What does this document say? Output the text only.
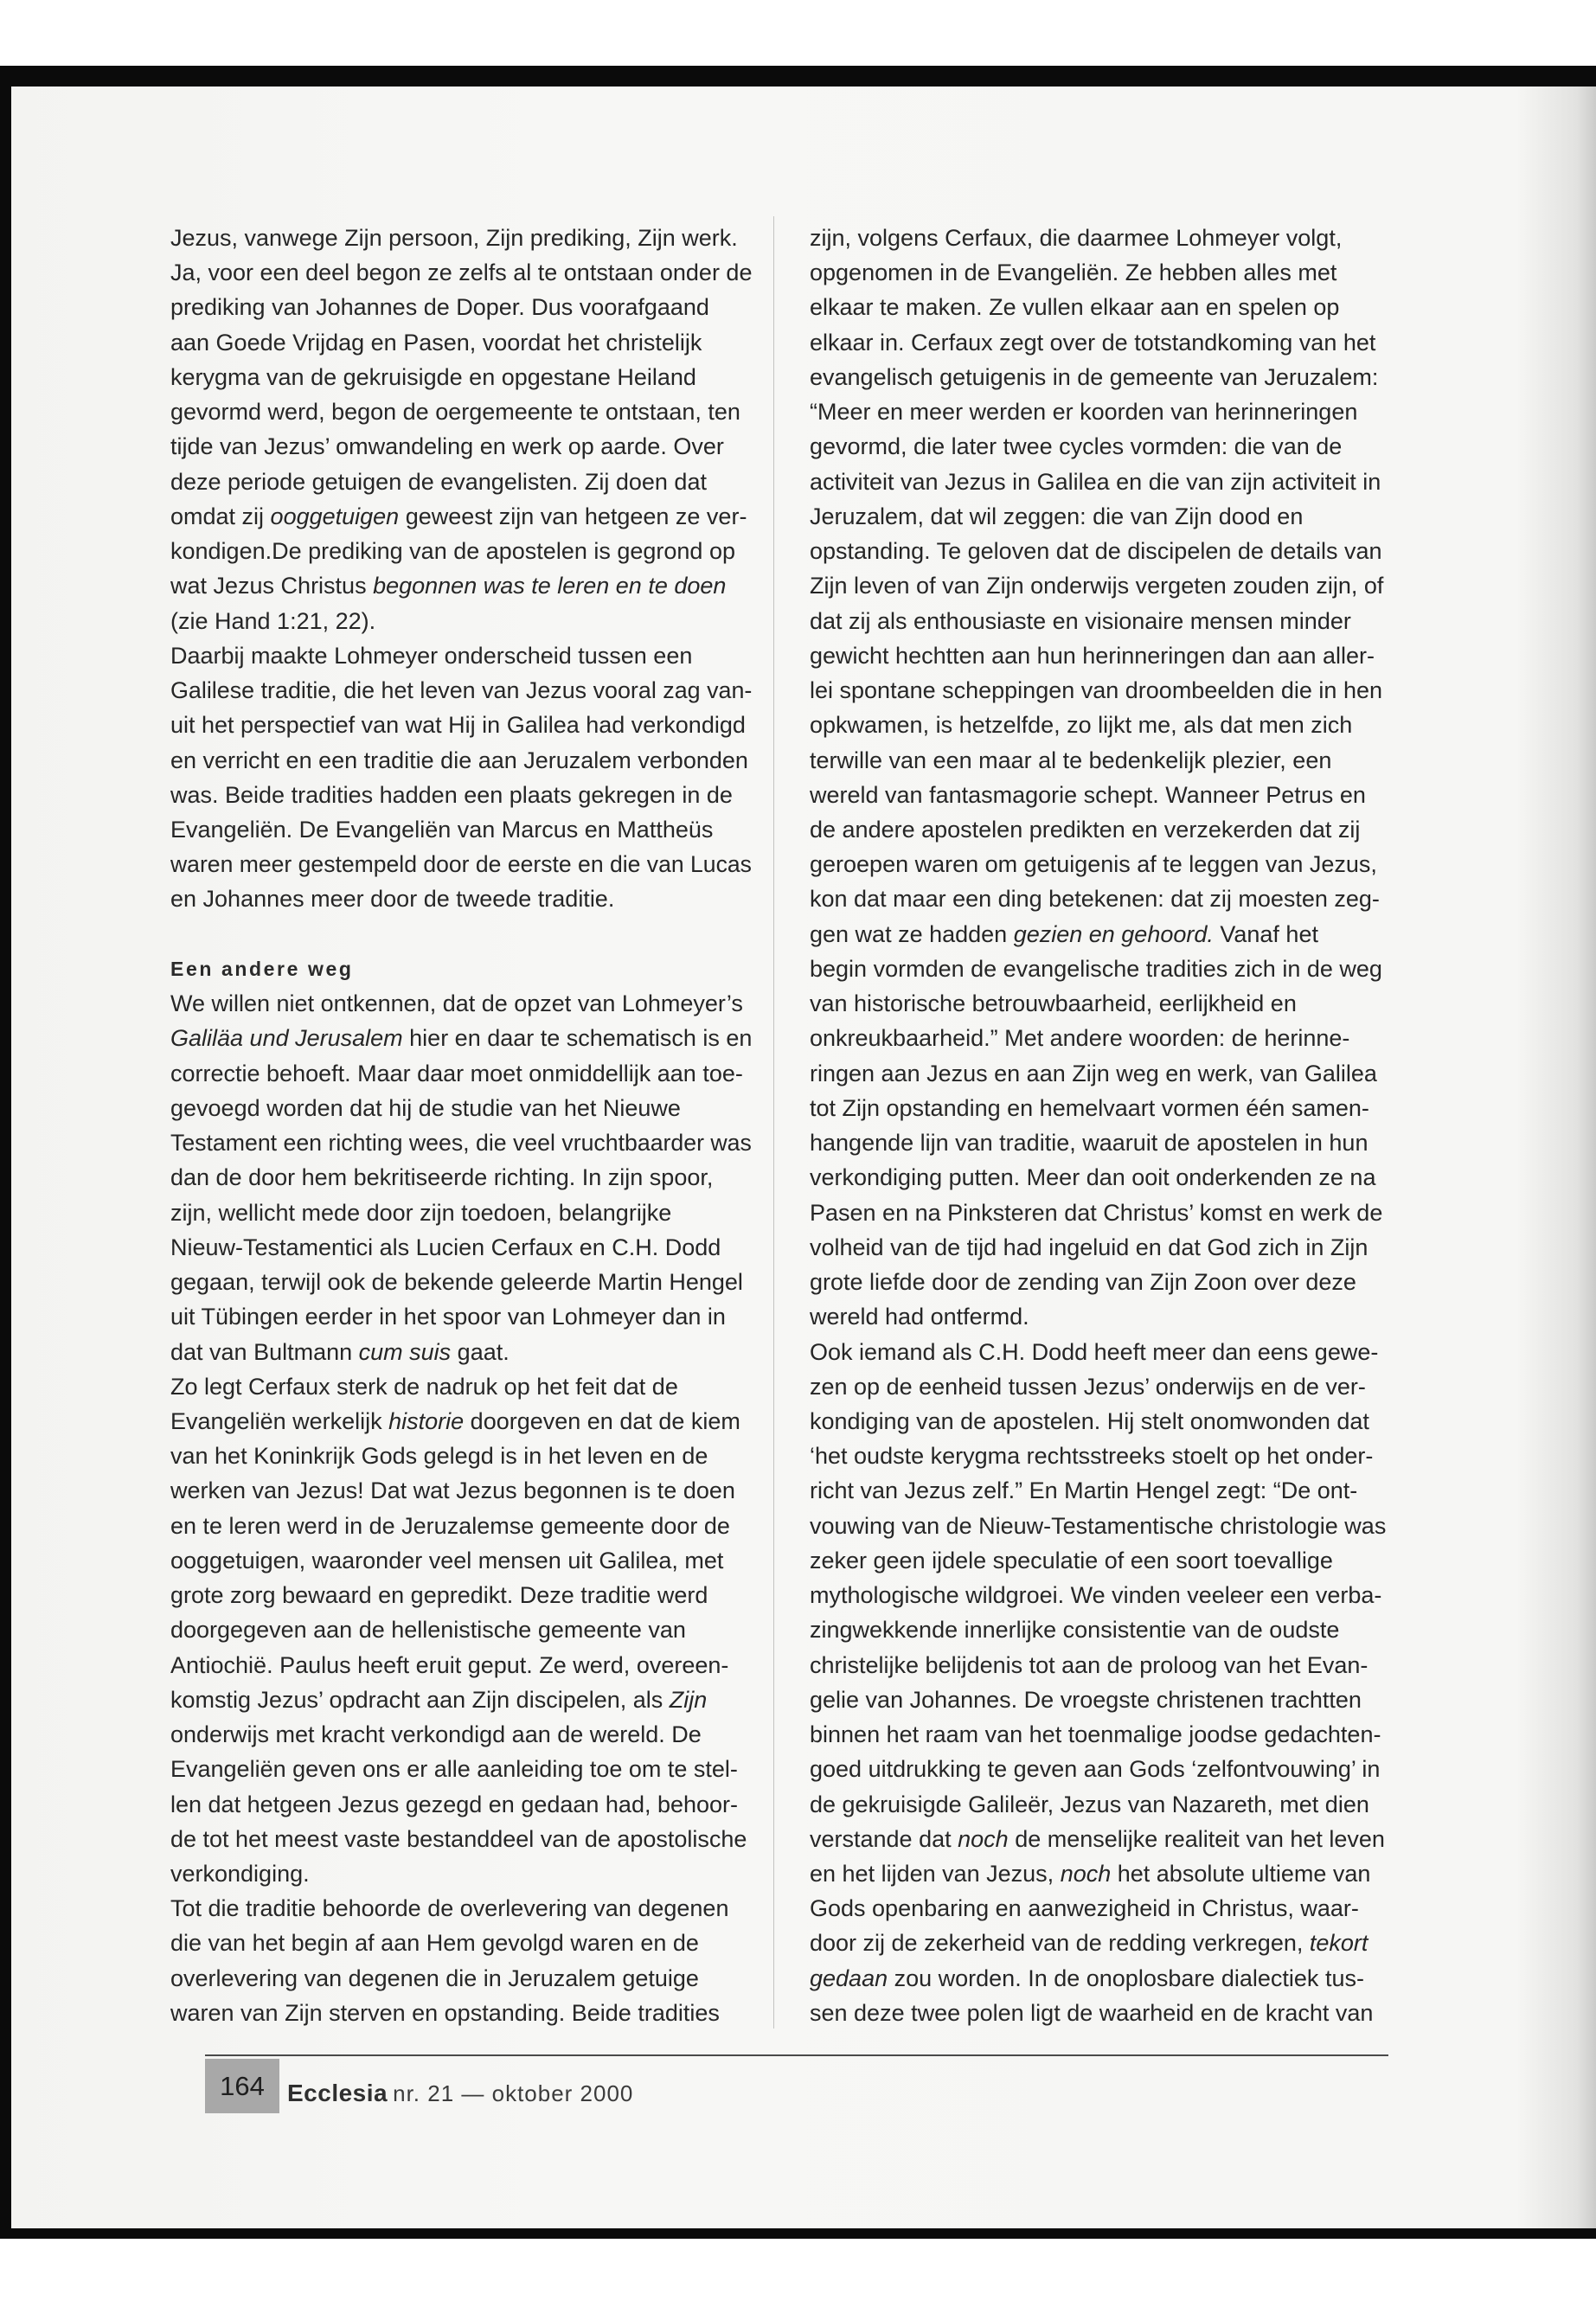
Jezus, vanwege Zijn persoon, Zijn prediking, Zijn werk.
Ja, voor een deel begon ze zelfs al te ontstaan onder de
prediking van Johannes de Doper. Dus voorafgaand
aan Goede Vrijdag en Pasen, voordat het christelijk
kerygma van de gekruisigde en opgestane Heiland
gevormd werd, begon de oergemeente te ontstaan, ten
tijde van Jezus’ omwandeling en werk op aarde. Over
deze periode getuigen de evangelisten. Zij doen dat
omdat zij ooggetuigen geweest zijn van hetgeen ze ver-
kondigen.De prediking van de apostelen is gegrond op
wat Jezus Christus begonnen was te leren en te doen
(zie Hand 1:21, 22).
Daarbij maakte Lohmeyer onderscheid tussen een
Galilese traditie, die het leven van Jezus vooral zag van-
uit het perspectief van wat Hij in Galilea had verkondigd
en verricht en een traditie die aan Jeruzalem verbonden
was. Beide tradities hadden een plaats gekregen in de
Evangeliën. De Evangeliën van Marcus en Mattheüs
waren meer gestempeld door de eerste en die van Lucas
en Johannes meer door de tweede traditie.
Een andere weg
We willen niet ontkennen, dat de opzet van Lohmeyer’s
Galiläa und Jerusalem hier en daar te schematisch is en
correctie behoeft. Maar daar moet onmiddellijk aan toe-
gevoegd worden dat hij de studie van het Nieuwe
Testament een richting wees, die veel vruchtbaarder was
dan de door hem bekritiseerde richting. In zijn spoor,
zijn, wellicht mede door zijn toedoen, belangrijke
Nieuw-Testamentici als Lucien Cerfaux en C.H. Dodd
gegaan, terwijl ook de bekende geleerde Martin Hengel
uit Tübingen eerder in het spoor van Lohmeyer dan in
dat van Bultmann cum suis gaat.
Zo legt Cerfaux sterk de nadruk op het feit dat de
Evangeliën werkelijk historie doorgeven en dat de kiem
van het Koninkrijk Gods gelegd is in het leven en de
werken van Jezus! Dat wat Jezus begonnen is te doen
en te leren werd in de Jeruzalemse gemeente door de
ooggetuigen, waaronder veel mensen uit Galilea, met
grote zorg bewaard en gepredikt. Deze traditie werd
doorgegeven aan de hellenistische gemeente van
Antiochië. Paulus heeft eruit geput. Ze werd, overeen-
komstig Jezus’ opdracht aan Zijn discipelen, als Zijn
onderwijs met kracht verkondigd aan de wereld. De
Evangeliën geven ons er alle aanleiding toe om te stel-
len dat hetgeen Jezus gezegd en gedaan had, behoor-
de tot het meest vaste bestanddeel van de apostolische
verkondiging.
Tot die traditie behoorde de overlevering van degenen
die van het begin af aan Hem gevolgd waren en de
overlevering van degenen die in Jeruzalem getuige
waren van Zijn sterven en opstanding. Beide tradities
zijn, volgens Cerfaux, die daarmee Lohmeyer volgt,
opgenomen in de Evangeliën. Ze hebben alles met
elkaar te maken. Ze vullen elkaar aan en spelen op
elkaar in. Cerfaux zegt over de totstandkoming van het
evangelisch getuigenis in de gemeente van Jeruzalem:
“Meer en meer werden er koorden van herinneringen
gevormd, die later twee cycles vormden: die van de
activiteit van Jezus in Galilea en die van zijn activiteit in
Jeruzalem, dat wil zeggen: die van Zijn dood en
opstanding. Te geloven dat de discipelen de details van
Zijn leven of van Zijn onderwijs vergeten zouden zijn, of
dat zij als enthousiaste en visionaire mensen minder
gewicht hechtten aan hun herinneringen dan aan aller-
lei spontane scheppingen van droombeelden die in hen
opkwamen, is hetzelfde, zo lijkt me, als dat men zich
terwille van een maar al te bedenkelijk plezier, een
wereld van fantasmagorie schept. Wanneer Petrus en
de andere apostelen predikten en verzekerden dat zij
geroepen waren om getuigenis af te leggen van Jezus,
kon dat maar een ding betekenen: dat zij moesten zeg-
gen wat ze hadden gezien en gehoord. Vanaf het
begin vormden de evangelische tradities zich in de weg
van historische betrouwbaarheid, eerlijkheid en
onkreukbaarheid.” Met andere woorden: de herinne-
ringen aan Jezus en aan Zijn weg en werk, van Galilea
tot Zijn opstanding en hemelvaart vormen één samen-
hangende lijn van traditie, waaruit de apostelen in hun
verkondiging putten. Meer dan ooit onderkenden ze na
Pasen en na Pinksteren dat Christus’ komst en werk de
volheid van de tijd had ingeluid en dat God zich in Zijn
grote liefde door de zending van Zijn Zoon over deze
wereld had ontfermd.
Ook iemand als C.H. Dodd heeft meer dan eens gewe-
zen op de eenheid tussen Jezus’ onderwijs en de ver-
kondiging van de apostelen. Hij stelt onomwonden dat
‘het oudste kerygma rechtsstreeks stoelt op het onder-
richt van Jezus zelf.” En Martin Hengel zegt: “De ont-
vouwing van de Nieuw-Testamentische christologie was
zeker geen ijdele speculatie of een soort toevallige
mythologische wildgroei. We vinden veeleer een verba-
zingwekkende innerlijke consistentie van de oudste
christelijke belijdenis tot aan de proloog van het Evan-
gelie van Johannes. De vroegste christenen trachtten
binnen het raam van het toenmalige joodse gedachten-
goed uitdrukking te geven aan Gods ‘zelfontvouwing’ in
de gekruisigde Galileër, Jezus van Nazareth, met dien
verstande dat noch de menselijke realiteit van het leven
en het lijden van Jezus, noch het absolute ultieme van
Gods openbaring en aanwezigheid in Christus, waar-
door zij de zekerheid van de redding verkregen, tekort
gedaan zou worden. In de onoplosbare dialectiek tus-
sen deze twee polen ligt de waarheid en de kracht van
164 Ecclesia nr. 21 — oktober 2000
